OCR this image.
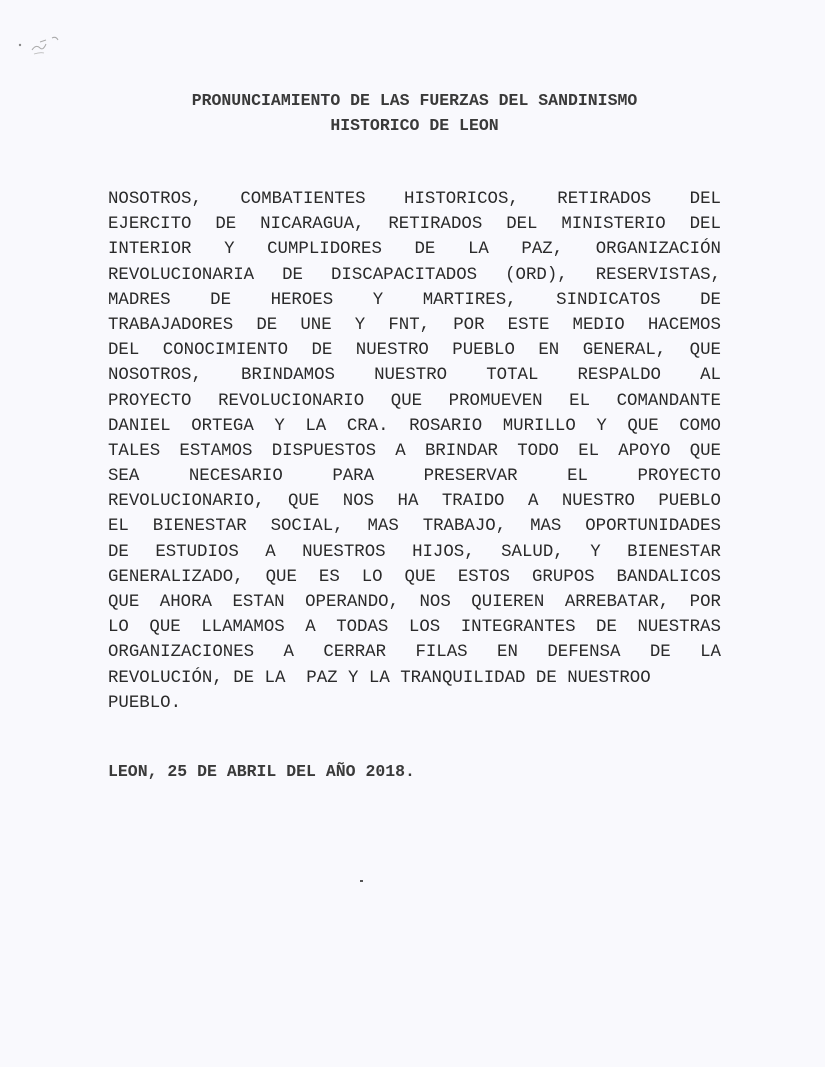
PRONUNCIAMIENTO DE LAS FUERZAS DEL SANDINISMO
HISTORICO DE LEON
NOSOTROS, COMBATIENTES HISTORICOS, RETIRADOS DEL
EJERCITO DE NICARAGUA, RETIRADOS DEL MINISTERIO DEL
INTERIOR Y CUMPLIDORES DE LA PAZ, ORGANIZACIÓN
REVOLUCIONARIA DE DISCAPACITADOS (ORD), RESERVISTAS,
MADRES DE HEROES Y MARTIRES, SINDICATOS DE
TRABAJADORES DE UNE Y FNT, POR ESTE MEDIO HACEMOS
DEL CONOCIMIENTO DE NUESTRO PUEBLO EN GENERAL, QUE
NOSOTROS, BRINDAMOS NUESTRO TOTAL RESPALDO AL
PROYECTO REVOLUCIONARIO QUE PROMUEVEN EL COMANDANTE
DANIEL ORTEGA Y LA CRA. ROSARIO MURILLO Y QUE COMO
TALES ESTAMOS DISPUESTOS A BRINDAR TODO EL APOYO QUE
SEA	NECESARIO	PARA	PRESERVAR	EL	PROYECTO
REVOLUCIONARIO, QUE NOS HA TRAIDO A NUESTRO PUEBLO
EL BIENESTAR SOCIAL, MAS TRABAJO, MAS OPORTUNIDADES
DE ESTUDIOS A NUESTROS HIJOS, SALUD, Y BIENESTAR
GENERALIZADO, QUE ES LO QUE ESTOS GRUPOS BANDALICOS
QUE AHORA ESTAN OPERANDO, NOS QUIEREN ARREBATAR, POR
LO QUE LLAMAMOS A TODAS LOS INTEGRANTES DE NUESTRAS
ORGANIZACIONES A CERRAR FILAS EN DEFENSA DE LA
REVOLUCIÓN, DE LA  PAZ Y LA TRANQUILIDAD DE NUESTROO
PUEBLO.
LEON, 25 DE ABRIL DEL AÑO 2018.
